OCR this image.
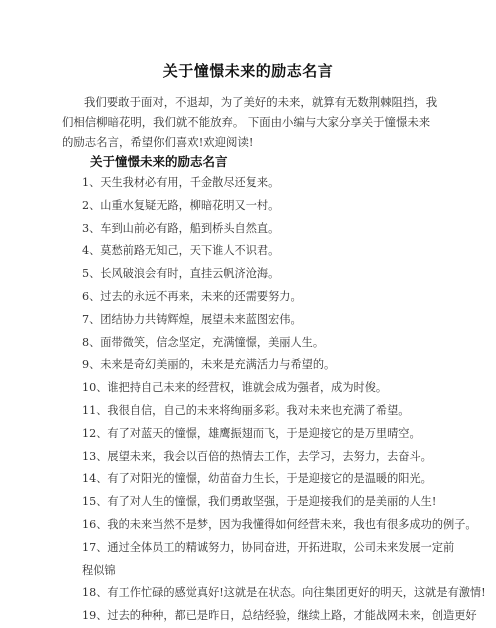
关于憧憬未来的励志名言
我们要敢于面对，不退却，为了美好的未来，就算有无数荆棘阻挡，我们相信柳暗花明，我们就不能放弃。 下面由小编与大家分享关于憧憬未来的励志名言，希望你们喜欢!欢迎阅读!
关于憧憬未来的励志名言
1、天生我材必有用，千金散尽还复来。
2、山重水复疑无路，柳暗花明又一村。
3、车到山前必有路，船到桥头自然直。
4、莫愁前路无知己，天下谁人不识君。
5、长风破浪会有时，直挂云帆济沧海。
6、过去的永远不再来，未来的还需要努力。
7、团结协力共铸辉煌，展望未来蓝图宏伟。
8、面带微笑，信念坚定，充满憧憬，美丽人生。
9、未来是奇幻美丽的，未来是充满活力与希望的。
10、谁把持自己未来的经营权，谁就会成为强者，成为时俊。
11、我很自信，自己的未来将绚丽多彩。我对未来也充满了希望。
12、有了对蓝天的憧憬，雄鹰振翅而飞，于是迎接它的是万里晴空。
13、展望未来，我会以百倍的热情去工作，去学习，去努力，去奋斗。
14、有了对阳光的憧憬，幼苗奋力生长，于是迎接它的是温暖的阳光。
15、有了对人生的憧憬，我们勇敢坚强，于是迎接我们的是美丽的人生!
16、我的未来当然不是梦，因为我懂得如何经营未来，我也有很多成功的例子。
17、通过全体员工的精诚努力，协同奋进，开拓进取，公司未来发展一定前程似锦
18、有工作忙碌的感觉真好!这就是在状态。向往集团更好的明天，这就是有激情!
19、过去的种种，都已是昨日，总结经验，继续上路，才能战网未来，创造更好
